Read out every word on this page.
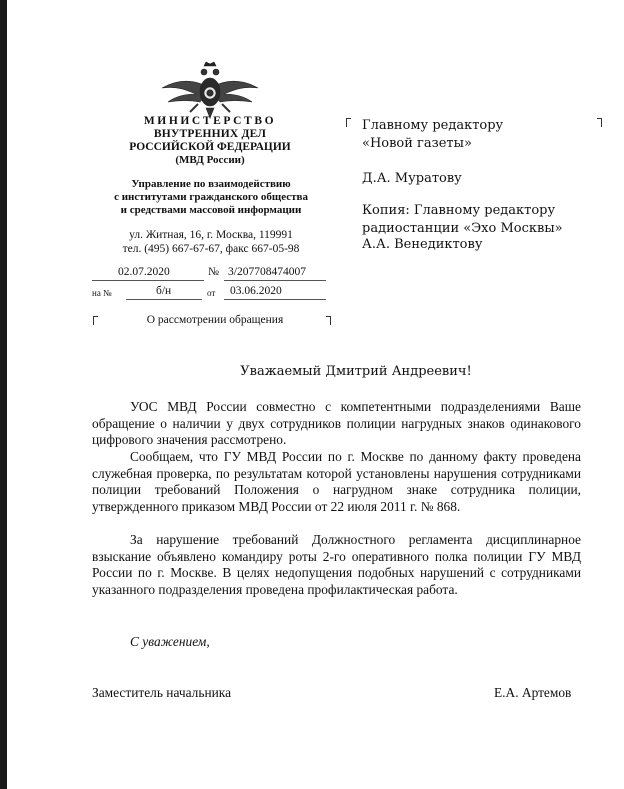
МИНИСТЕРСТВО
ВНУТРЕННИХ ДЕЛ
РОССИЙСКОЙ ФЕДЕРАЦИИ
(МВД России)
Управление по взаимодействию
с институтами гражданского общества
и средствами массовой информации
ул. Житная, 16, г. Москва, 119991
тел. (495) 667-67-67, факс 667-05-98
02.07.2020	№ 3/207708474007
на №	б/н	от 03.06.2020
О рассмотрении обращения
Главному редактору
«Новой газеты»
Д.А. Муратову
Копия: Главному редактору
радиостанции «Эхо Москвы»
А.А. Венедиктову
Уважаемый Дмитрий Андреевич!
УОС МВД России совместно с компетентными подразделениями Ваше обращение о наличии у двух сотрудников полиции нагрудных знаков одинакового цифрового значения рассмотрено.
Сообщаем, что ГУ МВД России по г. Москве по данному факту проведена служебная проверка, по результатам которой установлены нарушения сотрудниками полиции требований Положения о нагрудном знаке сотрудника полиции, утвержденного приказом МВД России от 22 июля 2011 г. № 868.
За нарушение требований Должностного регламента дисциплинарное взыскание объявлено командиру роты 2-го оперативного полка полиции ГУ МВД России по г. Москве. В целях недопущения подобных нарушений с сотрудниками указанного подразделения проведена профилактическая работа.
С уважением,
Заместитель начальника	Е.А. Артемов
